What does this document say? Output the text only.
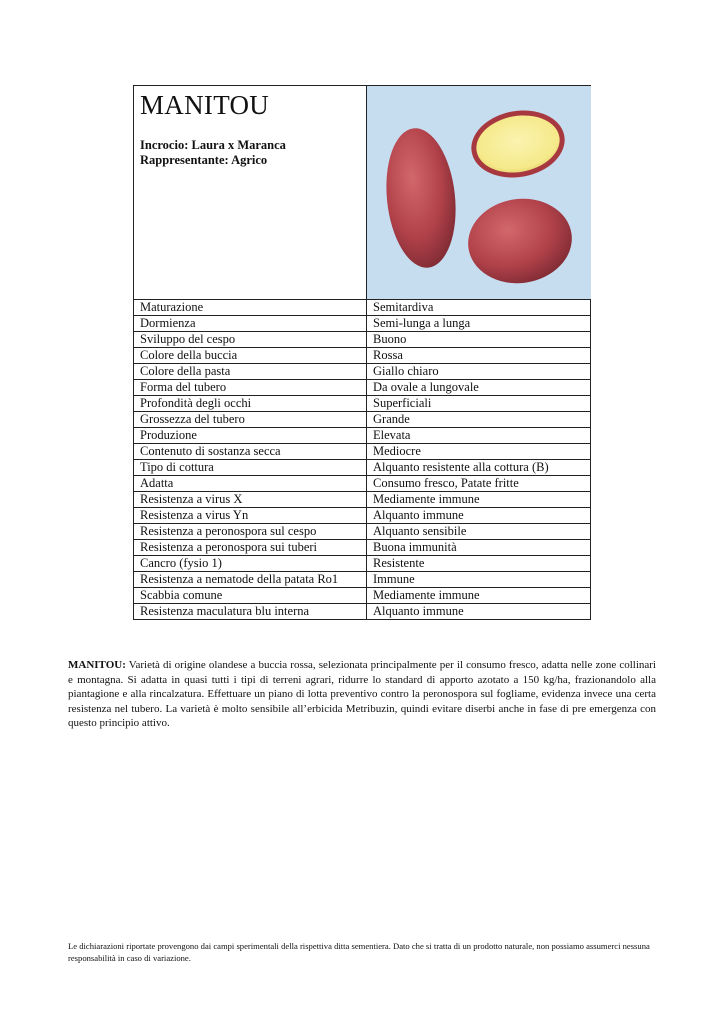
MANITOU
Incrocio: Laura x Maranca
Rappresentante: Agrico

Maturazione	Semitardiva
Dormienza	Semi-lunga a lunga
Sviluppo del cespo	Buono
Colore della buccia	Rossa
Colore della pasta	Giallo chiaro
Forma del tubero	Da ovale a lungovale
Profondità degli occhi	Superficiali
Grossezza del tubero	Grande
Produzione	Elevata
Contenuto di sostanza secca	Mediocre
Tipo di cottura	Alquanto resistente alla cottura (B)
Adatta	Consumo fresco, Patate fritte
Resistenza a virus X	Mediamente immune
Resistenza a virus Yn	Alquanto immune
Resistenza a peronospora sul cespo	Alquanto sensibile
Resistenza a peronospora sui tuberi	Buona immunità
Cancro (fysio 1)	Resistente
Resistenza a nematode della patata Ro1	Immune
Scabbia comune	Mediamente immune
Resistenza maculatura blu interna	Alquanto immune
MANITOU: Varietà di origine olandese a buccia rossa, selezionata principalmente per il consumo fresco, adatta nelle zone collinari e montagna. Si adatta in quasi tutti i tipi di terreni agrari, ridurre lo standard di apporto azotato a 150 kg/ha, frazionandolo alla piantagione e alla rincalzatura. Effettuare un piano di lotta preventivo contro la peronospora sul fogliame, evidenza invece una certa resistenza nel tubero. La varietà è molto sensibile all’erbicida Metribuzin, quindi evitare diserbi anche in fase di pre emergenza con questo principio attivo.
Le dichiarazioni riportate provengono dai campi sperimentali della rispettiva ditta sementiera. Dato che si tratta di un prodotto naturale, non possiamo assumerci nessuna responsabilità in caso di variazione.
